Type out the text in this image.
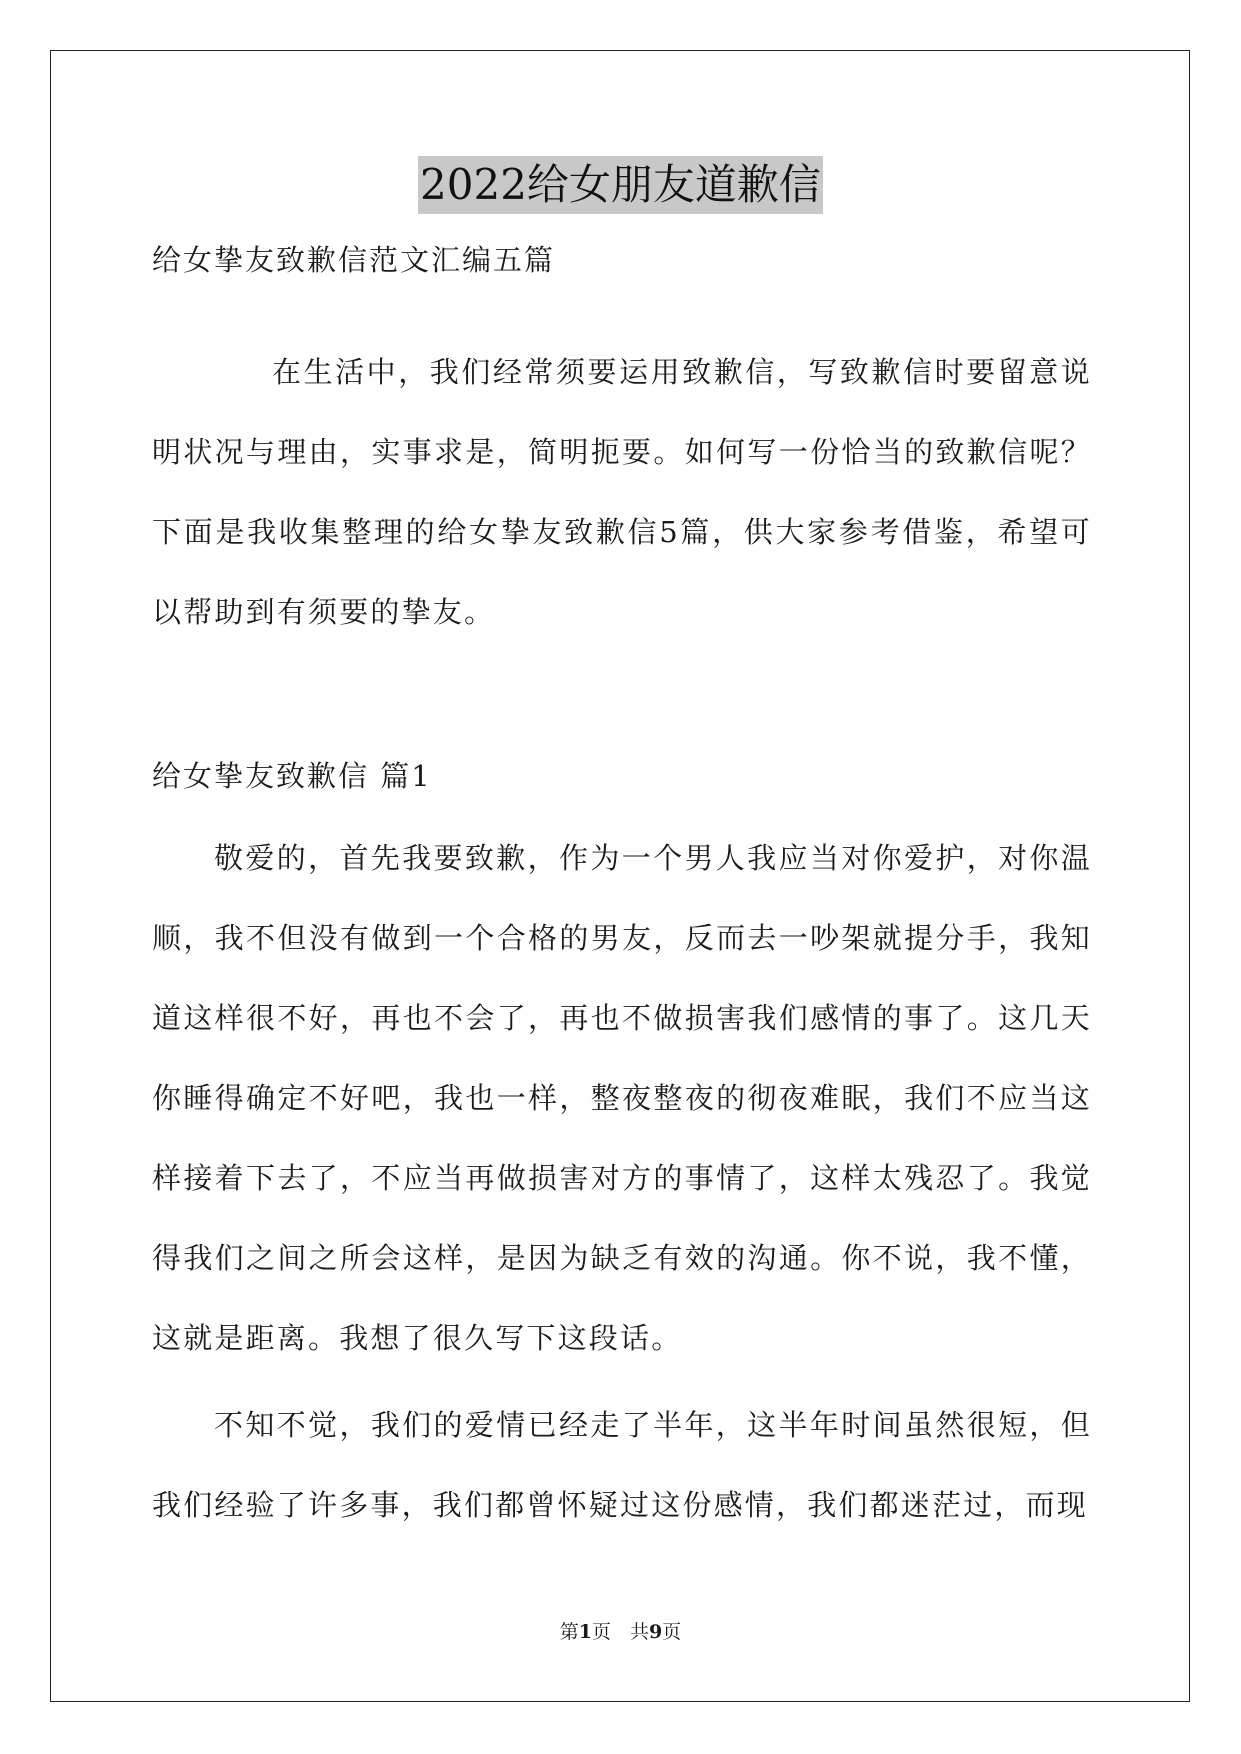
2022给女朋友道歉信
给女挚友致歉信范文汇编五篇
在生活中，我们经常须要运用致歉信，写致歉信时要留意说明状况与理由，实事求是，简明扼要。如何写一份恰当的致歉信呢？下面是我收集整理的给女挚友致歉信5篇，供大家参考借鉴，希望可以帮助到有须要的挚友。
给女挚友致歉信 篇1
敬爱的，首先我要致歉，作为一个男人我应当对你爱护，对你温顺，我不但没有做到一个合格的男友，反而去一吵架就提分手，我知道这样很不好，再也不会了，再也不做损害我们感情的事了。这几天你睡得确定不好吧，我也一样，整夜整夜的彻夜难眠，我们不应当这样接着下去了，不应当再做损害对方的事情了，这样太残忍了。我觉得我们之间之所会这样，是因为缺乏有效的沟通。你不说，我不懂，这就是距离。我想了很久写下这段话。
不知不觉，我们的爱情已经走了半年，这半年时间虽然很短，但我们经验了许多事，我们都曾怀疑过这份感情，我们都迷茫过，而现
第1页　共9页
